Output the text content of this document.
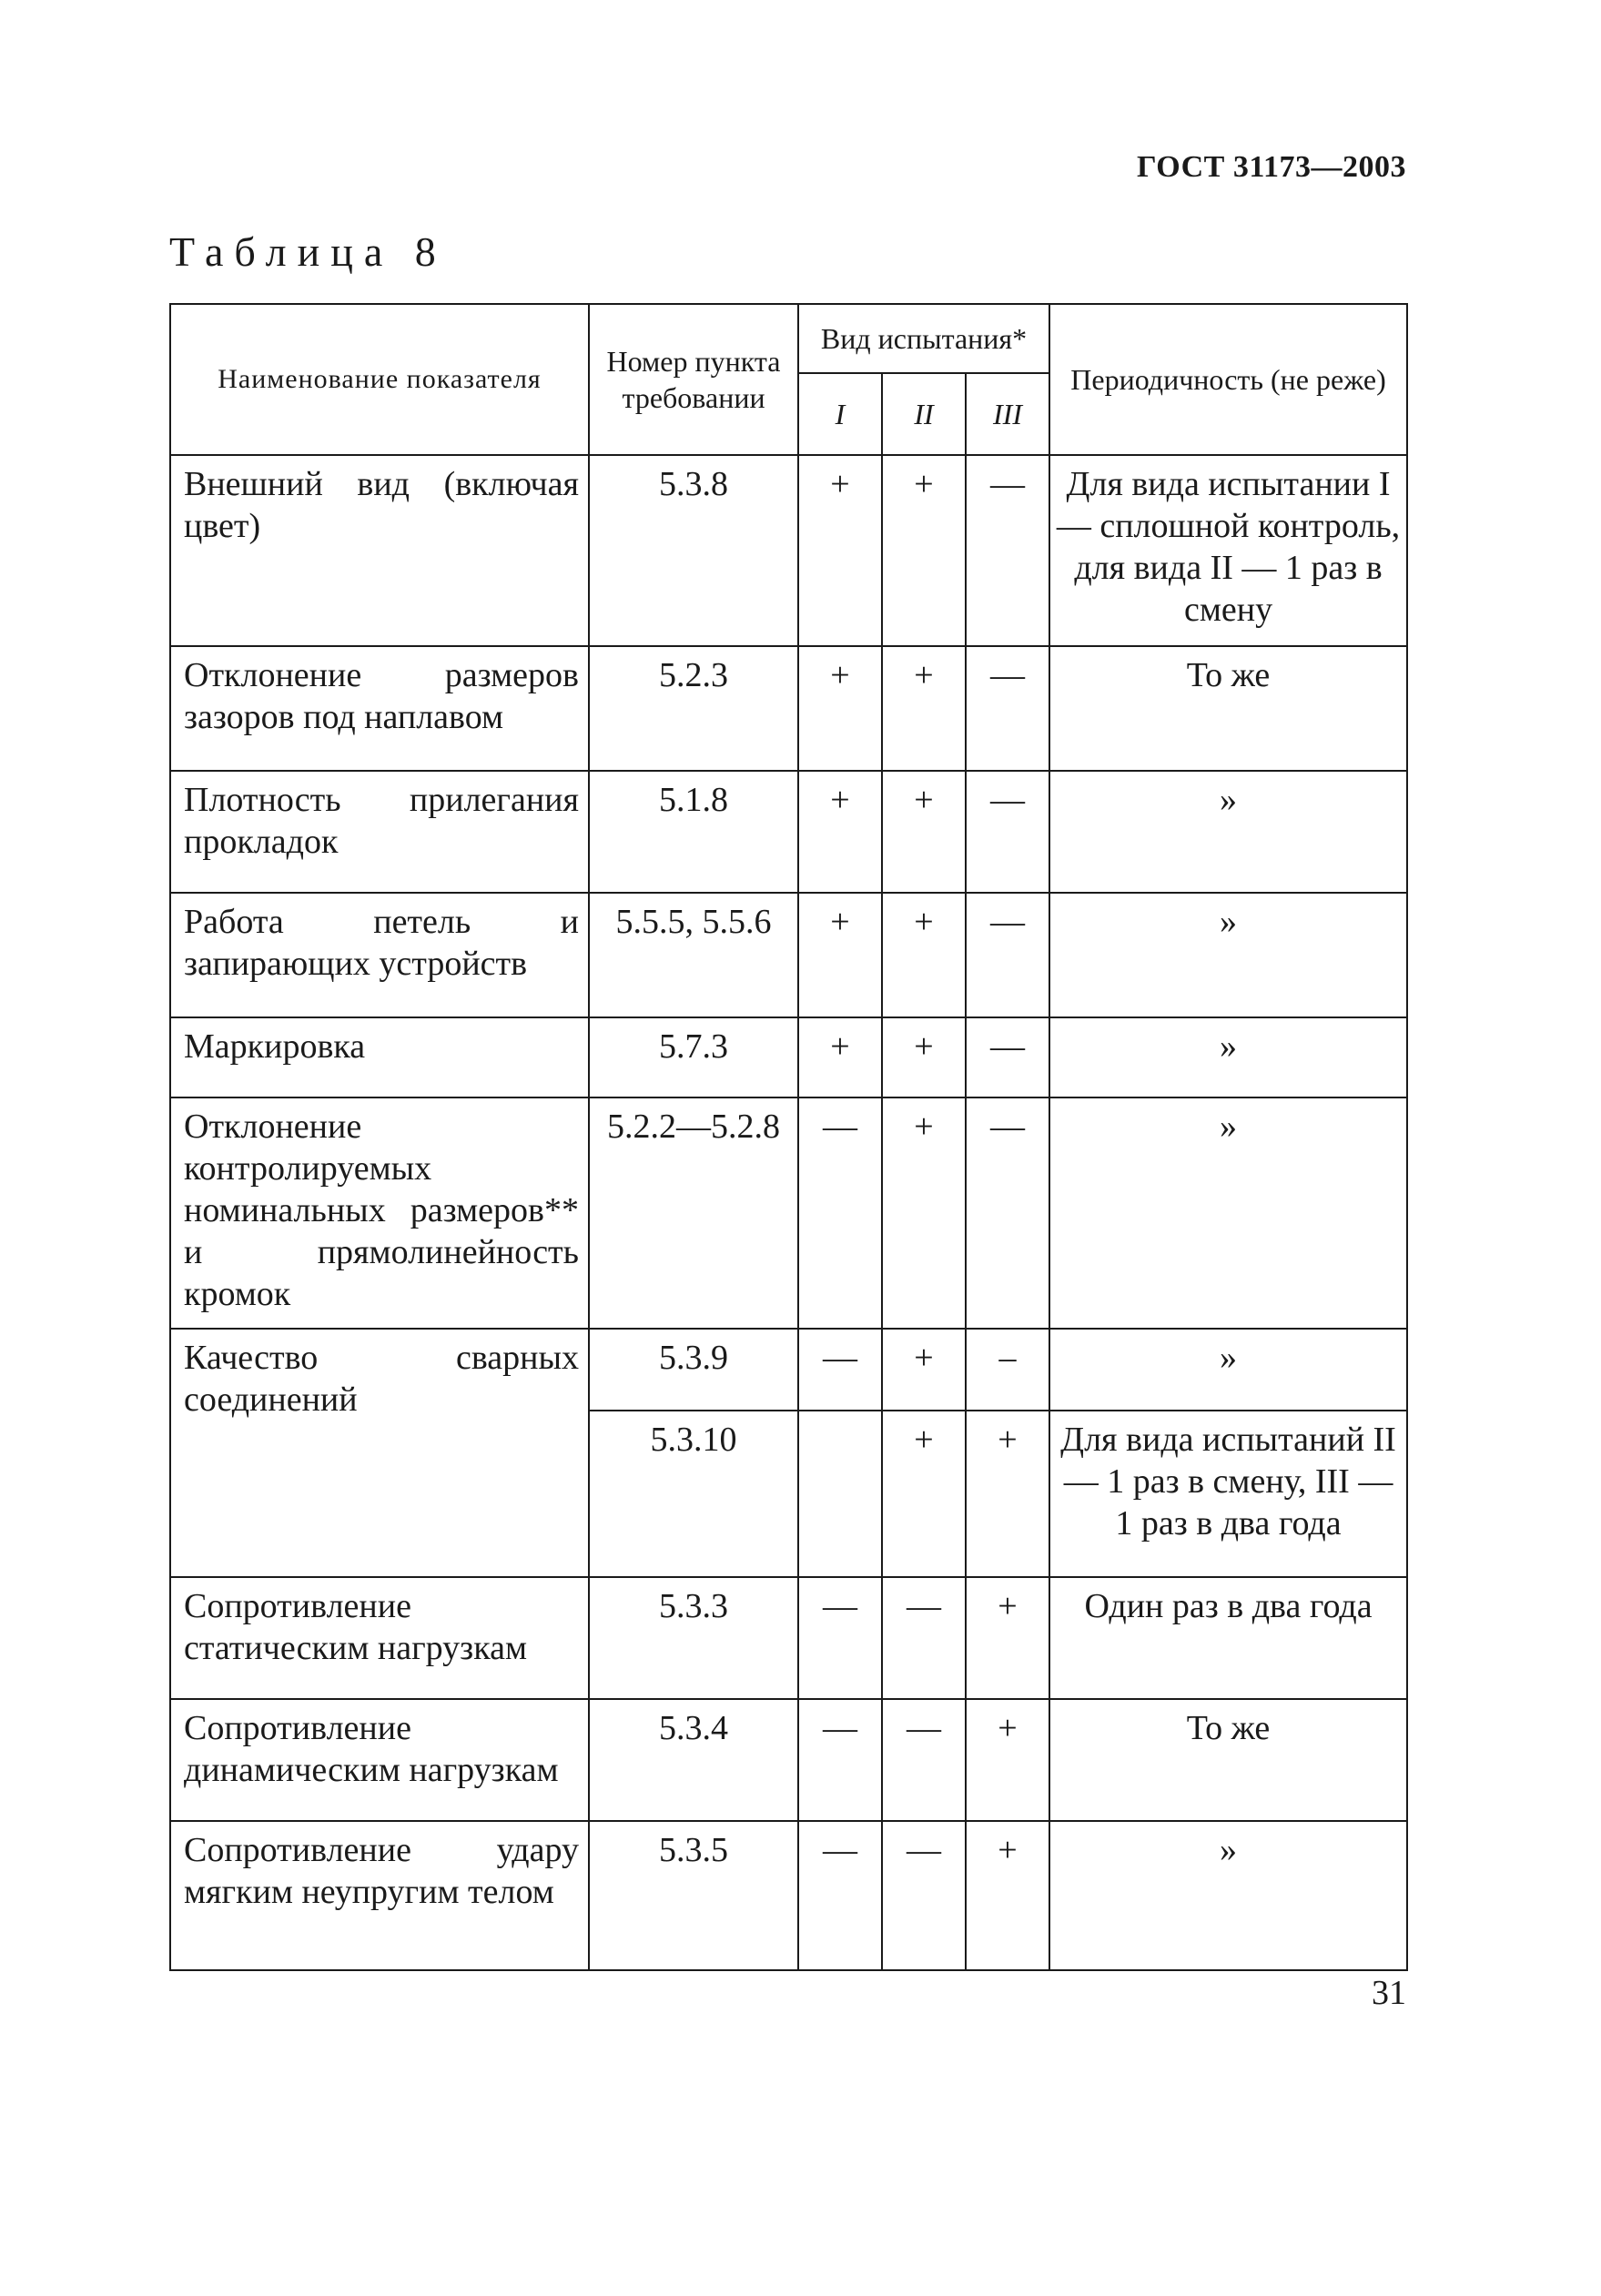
ГОСТ 31173—2003
Таблица 8
Наименование показателя	Номер пункта требовании	Вид испытания*			Периодичность (не реже)
		I	II	III	
Внешний вид (включая цвет)	5.3.8	+	+	—	Для вида испытании I — сплошной контроль, для вида II — 1 раз в смену
Отклонение размеров зазоров под наплавом	5.2.3	+	+	—	То же
Плотность прилегания прокладок	5.1.8	+	+	—	»
Работа петель и запирающих устройств	5.5.5, 5.5.6	+	+	—	»
Маркировка	5.7.3	+	+	—	»
Отклонение контролируемых номинальных размеров** и прямолинейность кромок	5.2.2—5.2.8	—	+	—	»
Качество сварных соединений	5.3.9	—	+	–	»
	5.3.10		+	+	Для вида испытаний II — 1 раз в смену, III — 1 раз в два года
Сопротивление статическим нагрузкам	5.3.3	—	—	+	Один раз в два года
Сопротивление динамическим нагрузкам	5.3.4	—	—	+	То же
Сопротивление удару мягким неупругим телом	5.3.5	—	—	+	»
31
